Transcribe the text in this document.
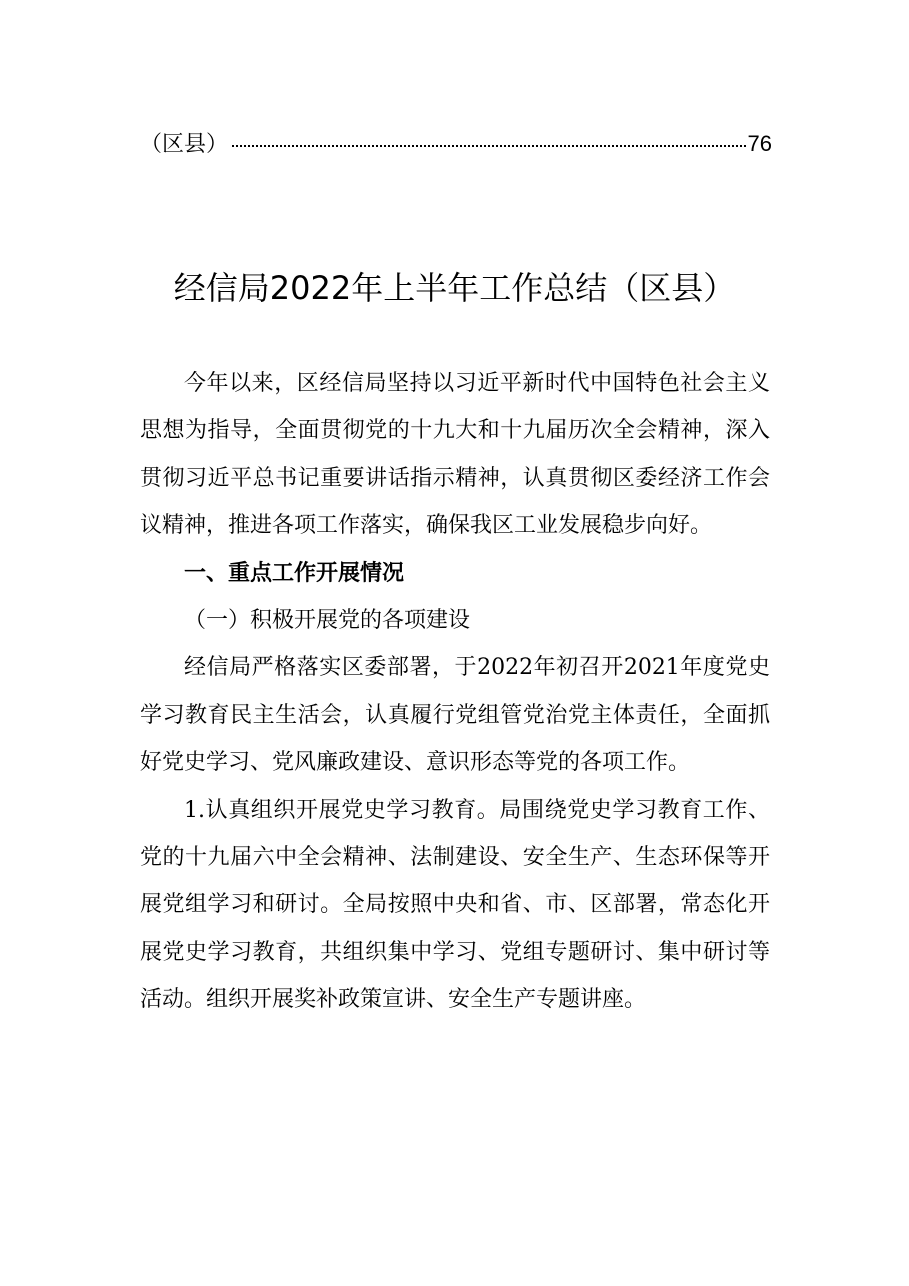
（区县）	76
经信局2022年上半年工作总结（区县）

今年以来，区经信局坚持以习近平新时代中国特色社会主义思想为指导，全面贯彻党的十九大和十九届历次全会精神，深入贯彻习近平总书记重要讲话指示精神，认真贯彻区委经济工作会议精神，推进各项工作落实，确保我区工业发展稳步向好。

一、重点工作开展情况

（一）积极开展党的各项建设

经信局严格落实区委部署，于2022年初召开2021年度党史学习教育民主生活会，认真履行党组管党治党主体责任，全面抓好党史学习、党风廉政建设、意识形态等党的各项工作。

1.认真组织开展党史学习教育。局围绕党史学习教育工作、党的十九届六中全会精神、法制建设、安全生产、生态环保等开展党组学习和研讨。全局按照中央和省、市、区部署，常态化开展党史学习教育，共组织集中学习、党组专题研讨、集中研讨等活动。组织开展奖补政策宣讲、安全生产专题讲座。
